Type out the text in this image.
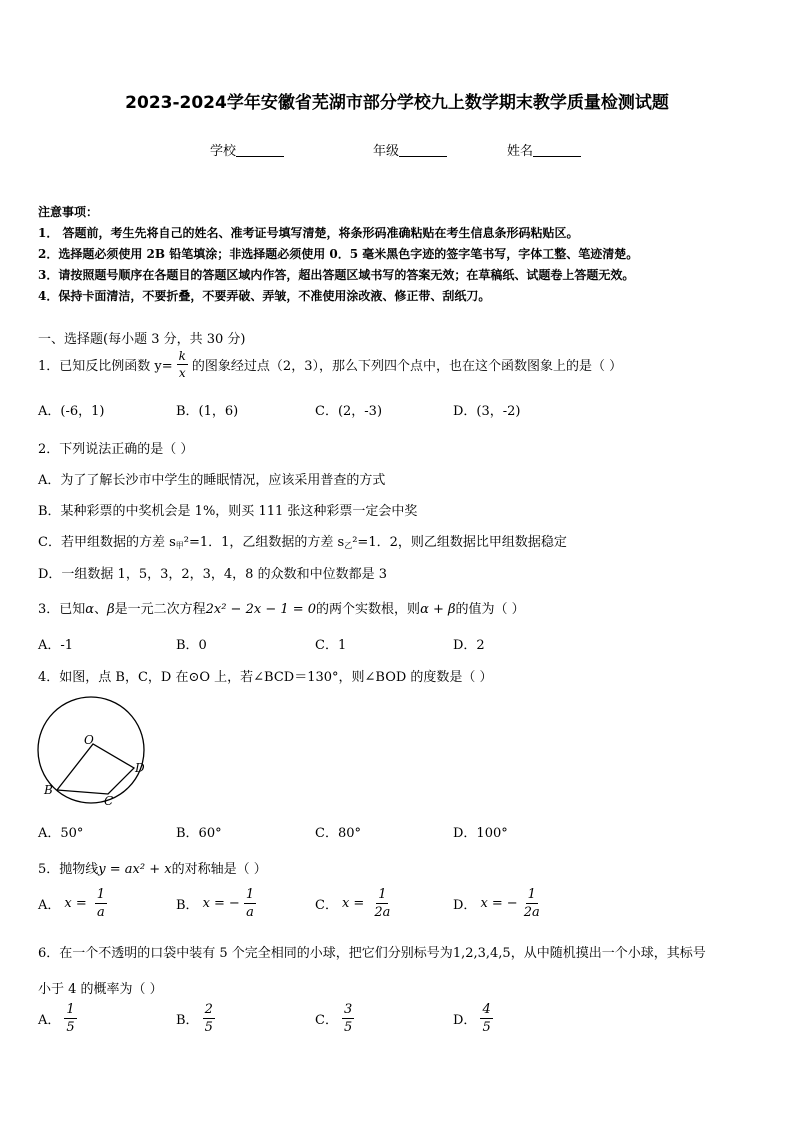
2023-2024学年安徽省芜湖市部分学校九上数学期末教学质量检测试题
学校	年级	姓名
注意事项：
1． 答题前，考生先将自己的姓名、准考证号填写清楚，将条形码准确粘贴在考生信息条形码粘贴区。
2．选择题必须使用 2B 铅笔填涂；非选择题必须使用 0．5 毫米黑色字迹的签字笔书写，字体工整、笔迹清楚。
3．请按照题号顺序在各题目的答题区域内作答，超出答题区域书写的答案无效；在草稿纸、试题卷上答题无效。
4．保持卡面清洁，不要折叠，不要弄破、弄皱，不准使用涂改液、修正带、刮纸刀。
一、选择题(每小题 3 分，共 30 分)
1．已知反比例函数 $y= \frac{k}{x}$ 的图象经过点（2，3），那么下列四个点中，也在这个函数图象上的是（ ）
A．(-6，1)	B．(1，6)	C．(2，-3)	D．(3，-2)
2．下列说法正确的是（ ）
A．为了了解长沙市中学生的睡眠情况，应该采用普查的方式
B．某种彩票的中奖机会是 1%，则买 111 张这种彩票一定会中奖
C．若甲组数据的方差 $s_甲^2=1$．1，乙组数据的方差 $s_乙^2=1$．2，则乙组数据比甲组数据稳定
D．一组数据 1，5，3，2，3，4，8 的众数和中位数都是 3
3．已知α、β是一元二次方程2x² − 2x − 1 = 0的两个实数根，则α + β的值为（ ）
A．-1	B．0	C．1	D．2
4．如图，点 B，C，D 在⊙O 上，若∠BCD＝130°，则∠BOD 的度数是（ ）
O
B
C
D
A．50°	B．60°	C．80°	D．100°
5．抛物线y = ax² + x的对称轴是（ ）
A． $x = \frac{1}{a}$	B． x = − $\frac{1}{a}$	C． $x = \frac{1}{2a}$	D． x = − $\frac{1}{2a}$
6．在一个不透明的口袋中装有 5 个完全相同的小球，把它们分别标号为1,2,3,4,5，从中随机摸出一个小球，其标号
小于 4 的概率为（ ）
A． $\frac{1}{5}$	B． $\frac{2}{5}$	C． $\frac{3}{5}$	D． $\frac{4}{5}$
